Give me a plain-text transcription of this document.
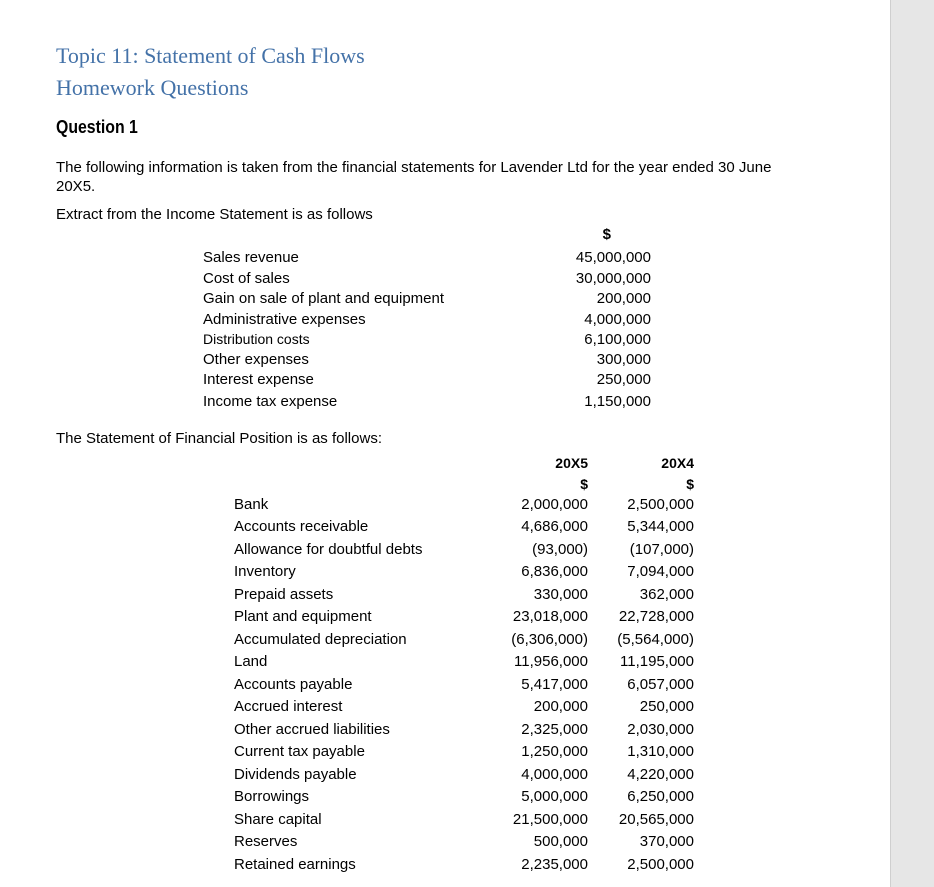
Topic 11: Statement of Cash Flows
Homework Questions
Question 1
The following information is taken from the financial statements for Lavender Ltd for the year ended 30 June
20X5.
Extract from the Income Statement is as follows
$
Sales revenue	45,000,000
Cost of sales	30,000,000
Gain on sale of plant and equipment	200,000
Administrative expenses	4,000,000
Distribution costs	6,100,000
Other expenses	300,000
Interest expense	250,000
Income tax expense	1,150,000
The Statement of Financial Position is as follows:
20X5	20X4
$	$
Bank	2,000,000	2,500,000
Accounts receivable	4,686,000	5,344,000
Allowance for doubtful debts	(93,000)	(107,000)
Inventory	6,836,000	7,094,000
Prepaid assets	330,000	362,000
Plant and equipment	23,018,000	22,728,000
Accumulated depreciation	(6,306,000)	(5,564,000)
Land	11,956,000	11,195,000
Accounts payable	5,417,000	6,057,000
Accrued interest	200,000	250,000
Other accrued liabilities	2,325,000	2,030,000
Current tax payable	1,250,000	1,310,000
Dividends payable	4,000,000	4,220,000
Borrowings	5,000,000	6,250,000
Share capital	21,500,000	20,565,000
Reserves	500,000	370,000
Retained earnings	2,235,000	2,500,000
